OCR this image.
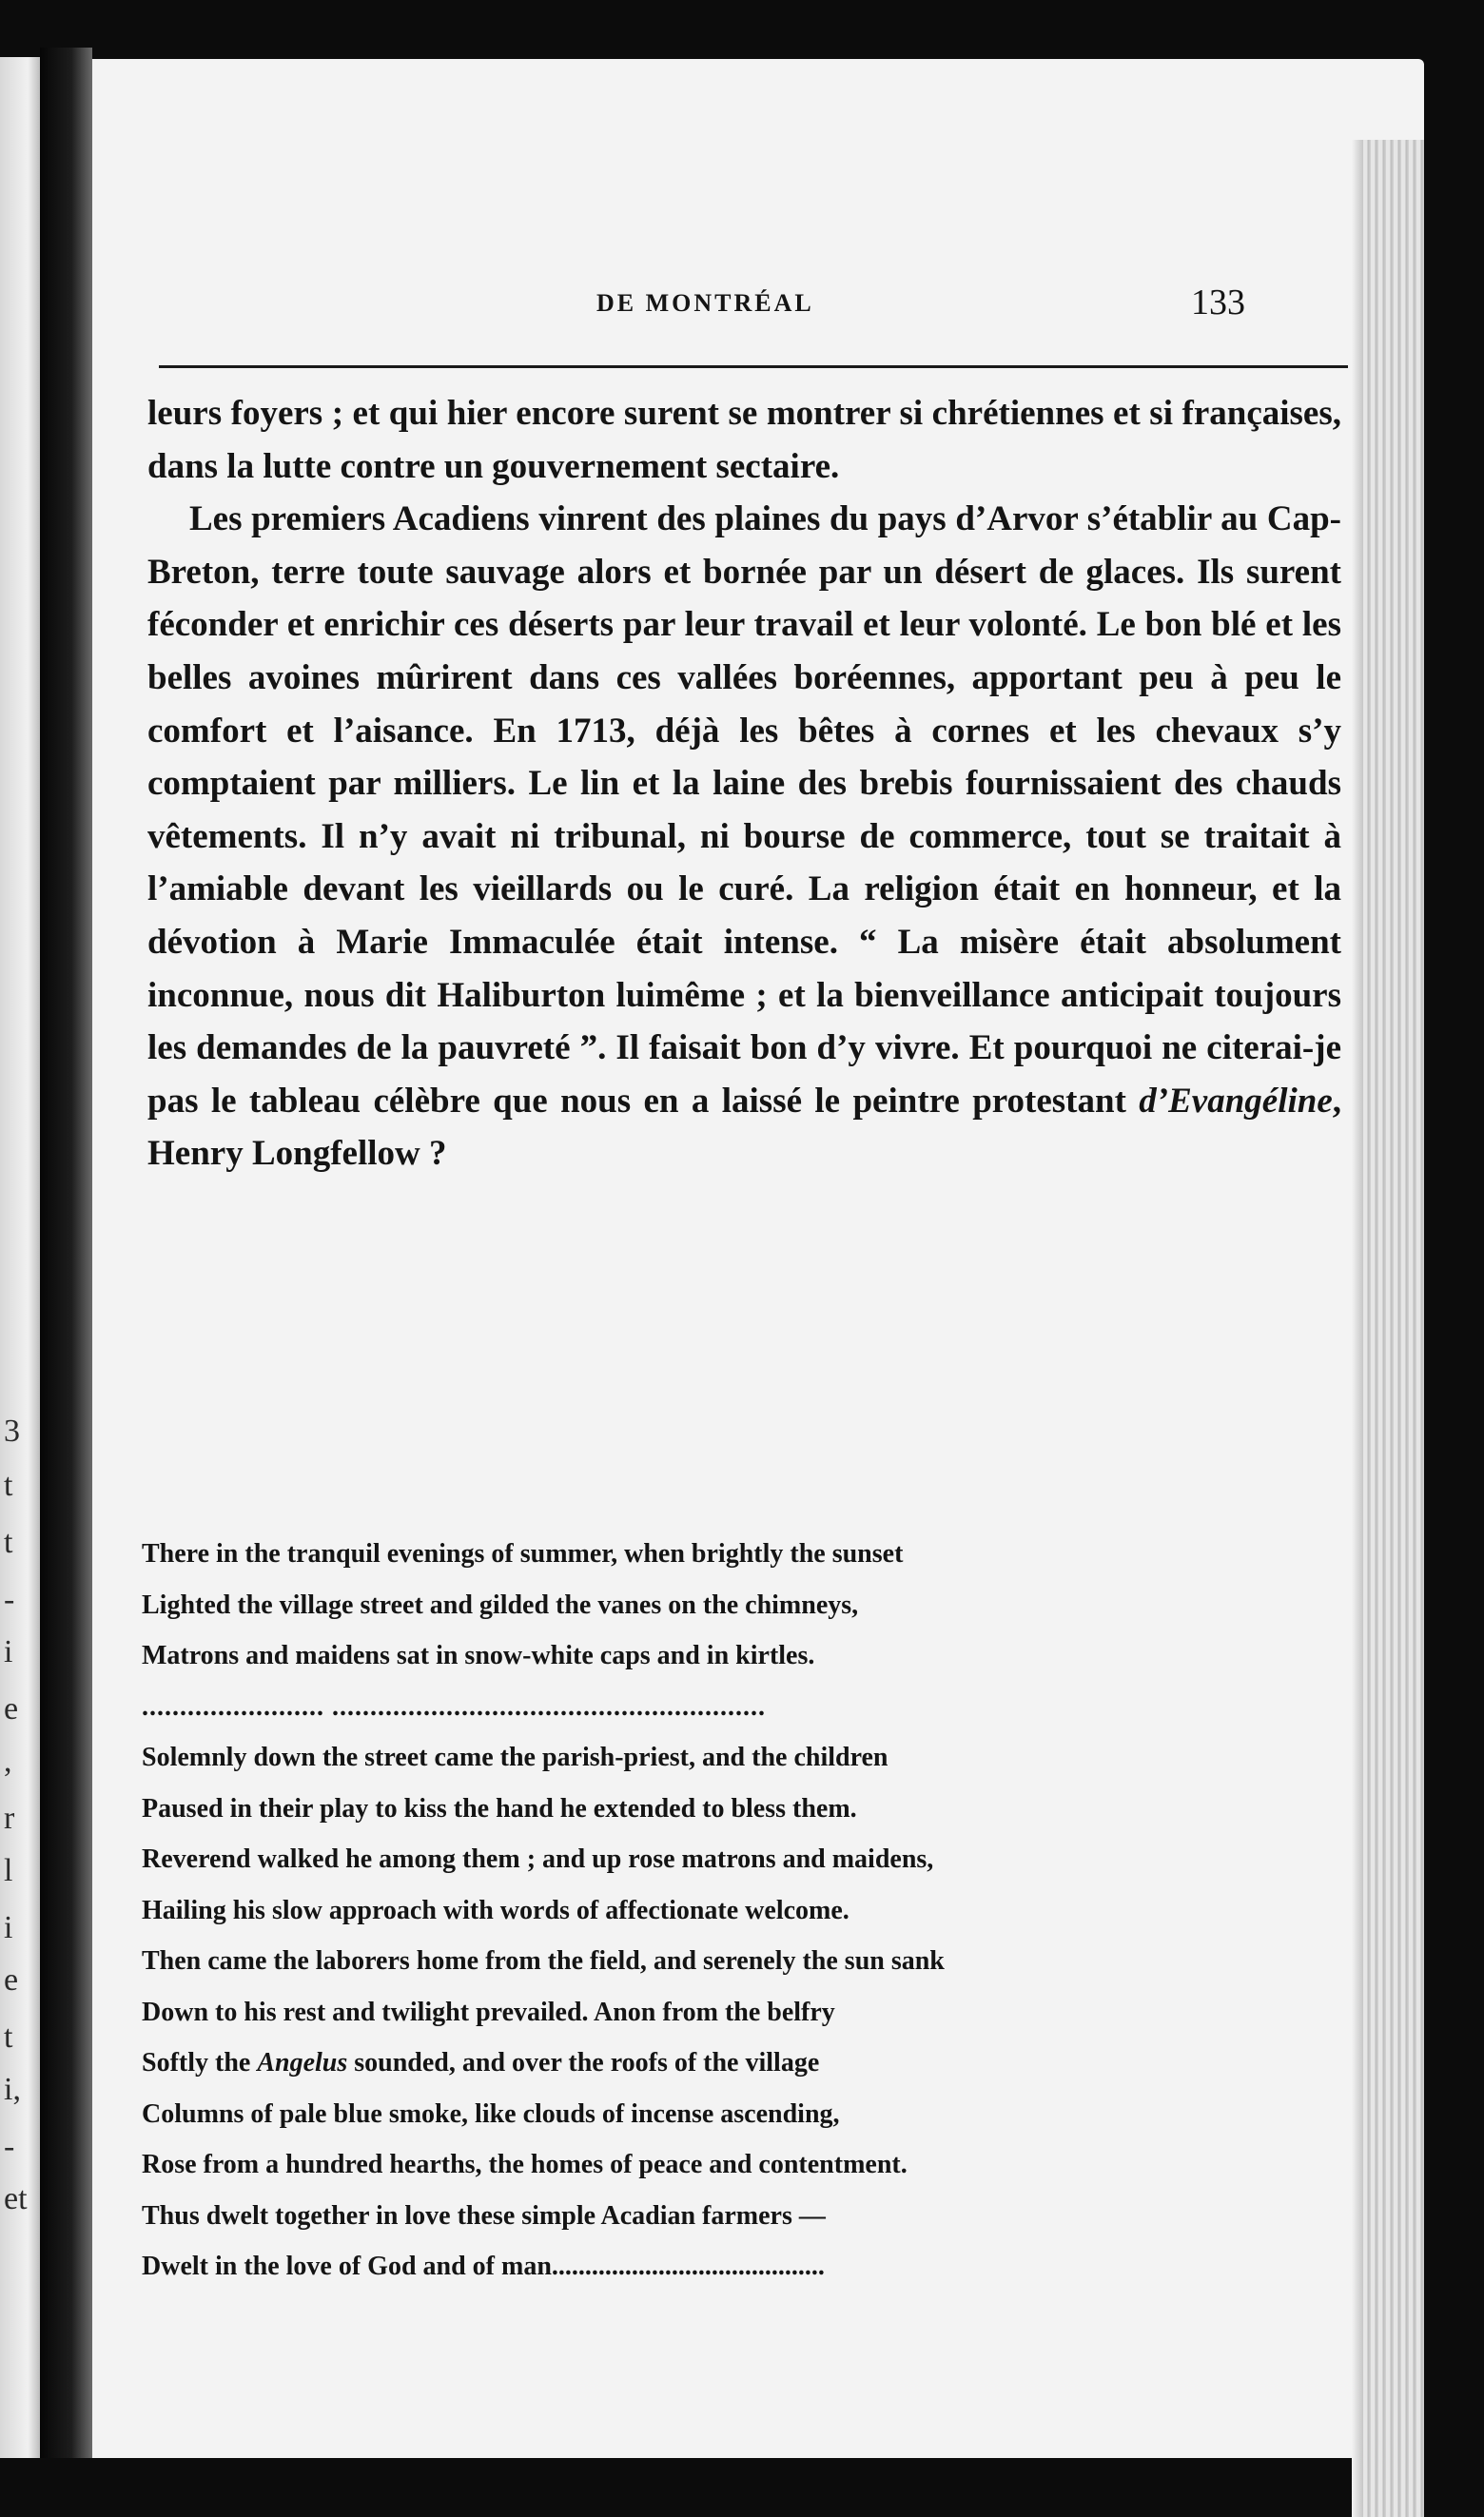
3
t
t
-
i
e
,
r
l
i
e
t
i,
-
et
DE MONTRÉAL	133

leurs foyers ; et qui hier encore surent se montrer si chrétiennes et si françaises, dans la lutte contre un gouvernement sectaire.

Les premiers Acadiens vinrent des plaines du pays d’Arvor s’établir au Cap-Breton, terre toute sauvage alors et bornée par un désert de glaces. Ils surent féconder et enrichir ces déserts par leur travail et leur volonté. Le bon blé et les belles avoines mûrirent dans ces vallées boréennes, apportant peu à peu le comfort et l’aisance. En 1713, déjà les bêtes à cornes et les chevaux s’y comptaient par milliers. Le lin et la laine des brebis fournissaient des chauds vêtements. Il n’y avait ni tribunal, ni bourse de commerce, tout se traitait à l’amiable devant les vieillards ou le curé. La religion était en honneur, et la dévotion à Marie Immaculée était intense. “ La misère était absolument inconnue, nous dit Haliburton luimême ; et la bienveillance anticipait toujours les demandes de la pauvreté ”. Il faisait bon d’y vivre. Et pourquoi ne citerai-je pas le tableau célèbre que nous en a laissé le peintre protestant d’Evangéline, Henry Longfellow ?

There in the tranquil evenings of summer, when brightly the sunset
Lighted the village street and gilded the vanes on the chimneys,
Matrons and maidens sat in snow-white caps and in kirtles.
........................ .........................................................
Solemnly down the street came the parish-priest, and the children
Paused in their play to kiss the hand he extended to bless them.
Reverend walked he among them ; and up rose matrons and maidens,
Hailing his slow approach with words of affectionate welcome.
Then came the laborers home from the field, and serenely the sun sank
Down to his rest and twilight prevailed. Anon from the belfry
Softly the Angelus sounded, and over the roofs of the village
Columns of pale blue smoke, like clouds of incense ascending,
Rose from a hundred hearths, the homes of peace and contentment.
Thus dwelt together in love these simple Acadian farmers —
Dwelt in the love of God and of man.........................................
